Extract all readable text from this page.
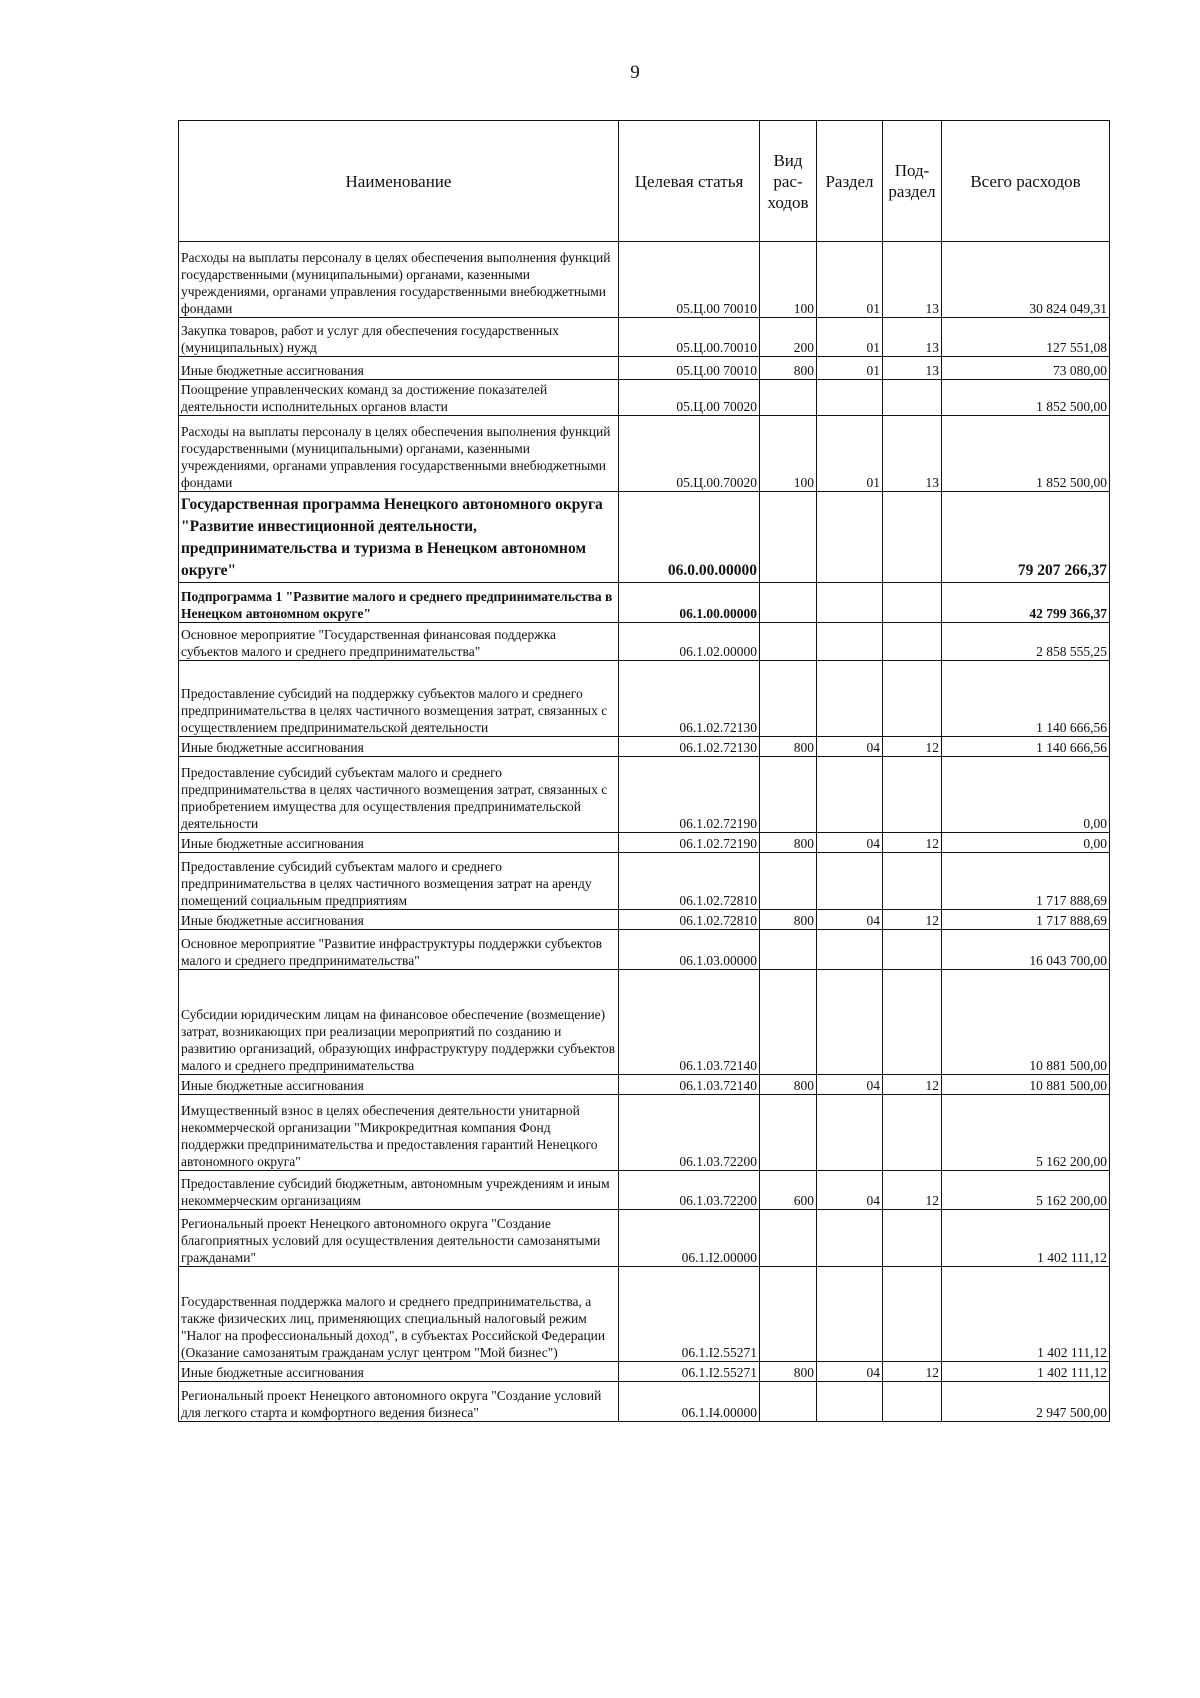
9
Наименование	Целевая статья	Вид рас-ходов	Раздел	Под-раздел	Всего расходов
Расходы на выплаты персоналу в целях обеспечения выполнения функций государственными (муниципальными) органами, казенными учреждениями, органами управления государственными внебюджетными фондами	05.Ц.00 70010	100	01	13	30 824 049,31
Закупка товаров, работ и услуг для обеспечения государственных (муниципальных) нужд	05.Ц.00.70010	200	01	13	127 551,08
Иные бюджетные ассигнования	05.Ц.00 70010	800	01	13	73 080,00
Поощрение управленческих команд за достижение показателей деятельности исполнительных органов власти	05.Ц.00 70020				1 852 500,00
Расходы на выплаты персоналу в целях обеспечения выполнения функций государственными (муниципальными) органами, казенными учреждениями, органами управления государственными внебюджетными фондами	05.Ц.00.70020	100	01	13	1 852 500,00
Государственная программа Ненецкого автономного округа "Развитие инвестиционной деятельности, предпринимательства и туризма в Ненецком автономном округе"	06.0.00.00000				79 207 266,37
Подпрограмма 1 "Развитие малого и среднего предпринимательства в Ненецком автономном округе"	06.1.00.00000				42 799 366,37
Основное мероприятие "Государственная финансовая поддержка субъектов малого и среднего предпринимательства"	06.1.02.00000				2 858 555,25
Предоставление субсидий на поддержку субъектов малого и среднего предпринимательства в целях частичного возмещения затрат, связанных с осуществлением предпринимательской деятельности	06.1.02.72130				1 140 666,56
Иные бюджетные ассигнования	06.1.02.72130	800	04	12	1 140 666,56
Предоставление субсидий субъектам малого и среднего предпринимательства в целях частичного возмещения затрат, связанных с приобретением имущества для осуществления предпринимательской деятельности	06.1.02.72190				0,00
Иные бюджетные ассигнования	06.1.02.72190	800	04	12	0,00
Предоставление субсидий субъектам малого и среднего предпринимательства в целях частичного возмещения затрат на аренду помещений социальным предприятиям	06.1.02.72810				1 717 888,69
Иные бюджетные ассигнования	06.1.02.72810	800	04	12	1 717 888,69
Основное мероприятие "Развитие инфраструктуры поддержки субъектов малого и среднего предпринимательства"	06.1.03.00000				16 043 700,00
Субсидии юридическим лицам на финансовое обеспечение (возмещение) затрат, возникающих при реализации мероприятий по созданию и развитию организаций, образующих инфраструктуру поддержки субъектов малого и среднего предпринимательства	06.1.03.72140				10 881 500,00
Иные бюджетные ассигнования	06.1.03.72140	800	04	12	10 881 500,00
Имущественный взнос в целях обеспечения деятельности унитарной некоммерческой организации "Микрокредитная компания Фонд поддержки предпринимательства и предоставления гарантий Ненецкого автономного округа"	06.1.03.72200				5 162 200,00
Предоставление субсидий бюджетным, автономным учреждениям и иным некоммерческим организациям	06.1.03.72200	600	04	12	5 162 200,00
Региональный проект Ненецкого автономного округа "Создание благоприятных условий для осуществления деятельности самозанятыми гражданами"	06.1.I2.00000				1 402 111,12
Государственная поддержка малого и среднего предпринимательства, а также физических лиц, применяющих специальный налоговый режим "Налог на профессиональный доход", в субъектах Российской Федерации (Оказание самозанятым гражданам услуг центром "Мой бизнес")	06.1.I2.55271				1 402 111,12
Иные бюджетные ассигнования	06.1.I2.55271	800	04	12	1 402 111,12
Региональный проект Ненецкого автономного округа "Создание условий для легкого старта и комфортного ведения бизнеса"	06.1.I4.00000				2 947 500,00
